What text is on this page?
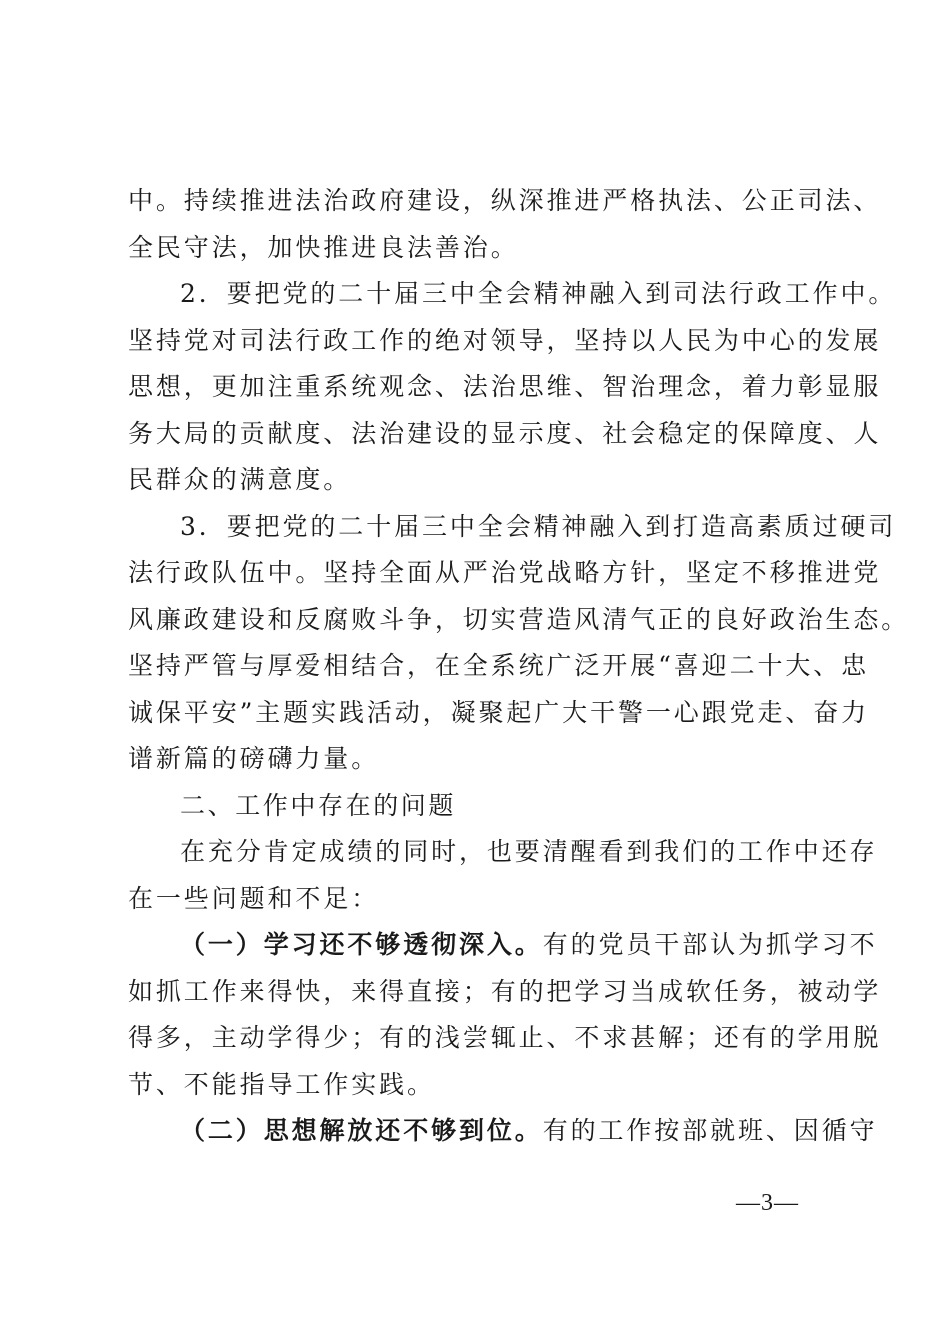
中。持续推进法治政府建设，纵深推进严格执法、公正司法、
全民守法，加快推进良法善治。
2．要把党的二十届三中全会精神融入到司法行政工作中。
坚持党对司法行政工作的绝对领导，坚持以人民为中心的发展
思想，更加注重系统观念、法治思维、智治理念，着力彰显服
务大局的贡献度、法治建设的显示度、社会稳定的保障度、人
民群众的满意度。
3．要把党的二十届三中全会精神融入到打造高素质过硬司
法行政队伍中。坚持全面从严治党战略方针，坚定不移推进党
风廉政建设和反腐败斗争，切实营造风清气正的良好政治生态。
坚持严管与厚爱相结合，在全系统广泛开展“喜迎二十大、忠
诚保平安”主题实践活动，凝聚起广大干警一心跟党走、奋力
谱新篇的磅礴力量。
二、工作中存在的问题
在充分肯定成绩的同时，也要清醒看到我们的工作中还存
在一些问题和不足：
（一）学习还不够透彻深入。有的党员干部认为抓学习不
如抓工作来得快，来得直接；有的把学习当成软任务，被动学
得多，主动学得少；有的浅尝辄止、不求甚解；还有的学用脱
节、不能指导工作实践。
（二）思想解放还不够到位。有的工作按部就班、因循守
—3—
